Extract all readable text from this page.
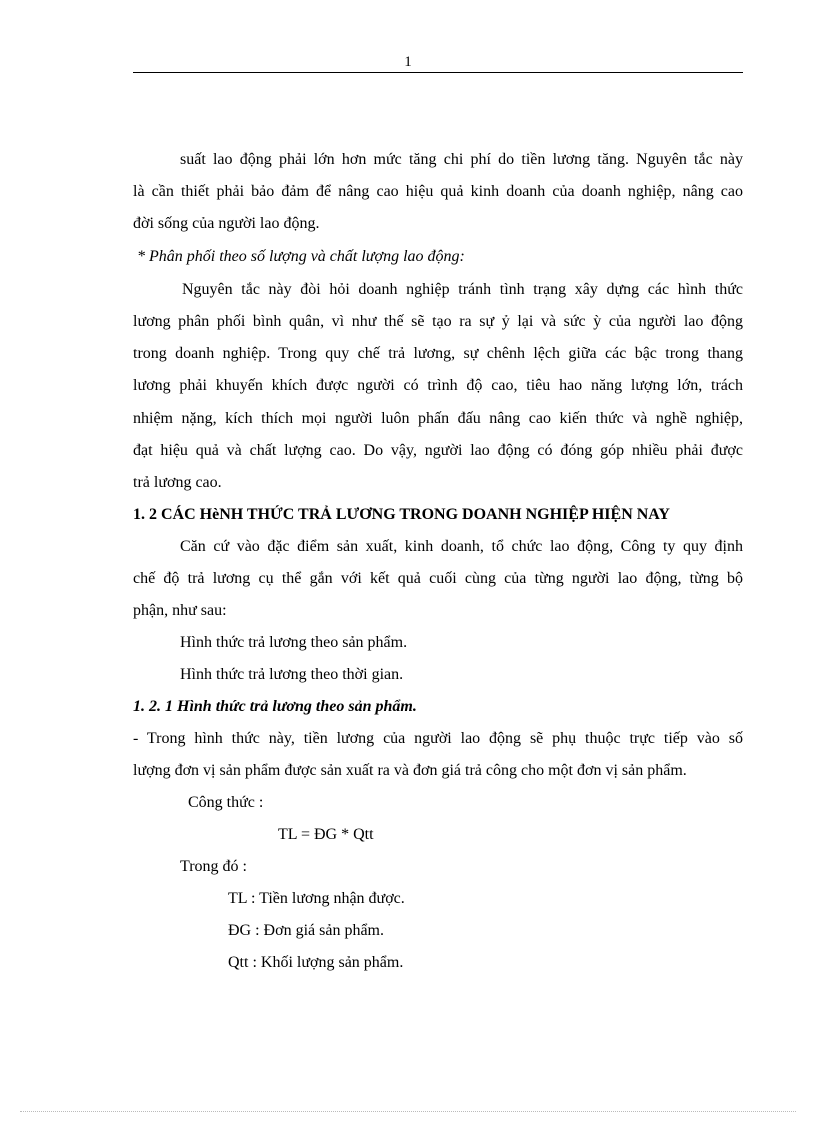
1
suất lao động phải lớn hơn mức tăng chi phí do tiền lương tăng. Nguyên tắc này
là cần thiết phải bảo đảm để nâng cao hiệu quả kinh doanh của doanh nghiệp, nâng cao
đời sống của người lao động.
* Phân phối theo số lượng và chất lượng lao động:
Nguyên tắc này đòi hỏi doanh nghiệp tránh tình trạng xây dựng các hình thức
lương phân phối bình quân, vì như thế sẽ tạo ra sự ỷ lại và sức ỳ của người lao động
trong doanh nghiệp. Trong quy chế trả lương, sự chênh lệch giữa các bậc trong thang
lương phải khuyến khích được người có trình độ cao, tiêu hao năng lượng lớn, trách
nhiệm nặng, kích thích mọi người luôn phấn đấu nâng cao kiến thức và nghề nghiệp,
đạt hiệu quả và chất lượng cao. Do vậy, người lao động có đóng góp nhiều phải được
trả lương cao.
1. 2 CÁC HèNH THỨC TRẢ LƯƠNG TRONG DOANH NGHIỆP HIỆN NAY
Căn cứ vào đặc điểm sản xuất, kinh doanh, tổ chức lao động, Công ty quy định
chế độ trả lương cụ thể gắn với kết quả cuối cùng của từng người lao động, từng bộ
phận, như sau:
Hình thức trả lương theo sản phẩm.
Hình thức trả lương theo thời gian.
1. 2. 1 Hình thức trả lương theo sản phẩm.
- Trong hình thức này, tiền lương của người lao động sẽ phụ thuộc trực tiếp vào số
lượng đơn vị sản phẩm được sản xuất ra và đơn giá trả công cho một đơn vị sản phẩm.
Công thức :
TL = ĐG * Qtt
Trong đó :
TL : Tiền lương nhận được.
ĐG : Đơn giá sản phẩm.
Qtt : Khối lượng sản phẩm.
